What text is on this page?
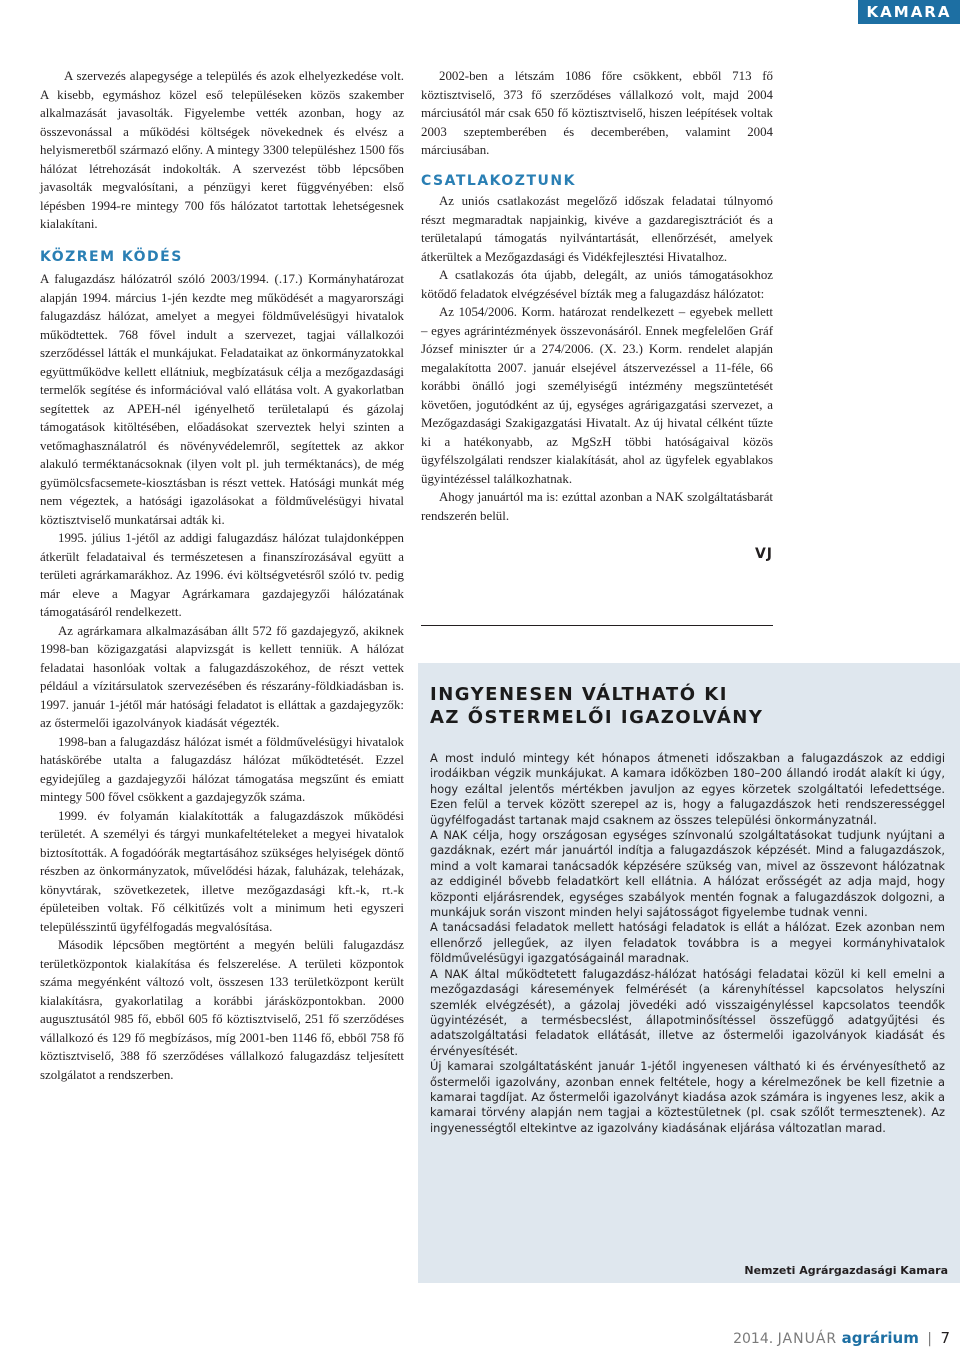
KAMARA

A szervezés alapegysége a település és azok elhelyezkedése volt. A kisebb, egymáshoz közel eső településeken közös szakember alkalmazását javasolták. Figyelembe vették azonban, hogy az összevonással a működési költségek növekednek és elvész a helyismeretből származó előny. A mintegy 3300 településhez 1500 fős hálózat létrehozását indokolták. A szervezést több lépcsőben javasolták megvalósítani, a pénzügyi keret függvényében: első lépésben 1994-re mintegy 700 fős hálózatot tartottak lehetségesnek kialakítani.

KÖZREM KÖDÉS

A falugazdász hálózatról szóló 2003/1994. (.17.) Kormányhatározat alapján 1994. március 1-jén kezdte meg működését a magyarországi falugazdász hálózat, amelyet a megyei földművelésügyi hivatalok működtettek. 768 fővel indult a szervezet, tagjai vállalkozói szerződéssel látták el munkájukat. Feladataikat az önkormányzatokkal együttműködve kellett ellátniuk, megbízatásuk célja a mezőgazdasági termelők segítése és információval való ellátása volt. A gyakorlatban segítettek az APEH-nél igényelhető területalapú és gázolaj támogatások kitöltésében, előadásokat szerveztek helyi szinten a vetőmaghasználatról és növényvédelemről, segítettek az akkor alakuló terméktanácsoknak (ilyen volt pl. juh terméktanács), de még gyümölcsfacsemete-kiosztásban is részt vettek. Hatósági munkát még nem végeztek, a hatósági igazolásokat a földművelésügyi hivatal köztisztviselő munkatársai adták ki.

1995. július 1-jétől az addigi falugazdász hálózat tulajdonképpen átkerült feladataival és természetesen a finanszírozásával együtt a területi agrárkamarákhoz. Az 1996. évi költségvetésről szóló tv. pedig már eleve a Magyar Agrárkamara gazdajegyzői hálózatának támogatásáról rendelkezett.

Az agrárkamara alkalmazásában állt 572 fő gazdajegyző, akiknek 1998-ban közigazgatási alapvizsgát is kellett tenniük. A hálózat feladatai hasonlóak voltak a falugazdászokéhoz, de részt vettek például a vízitársulatok szervezésében és részarány-földkiadásban is. 1997. január 1-jétől már hatósági feladatot is elláttak a gazdajegyzők: az őstermelői igazolványok kiadását végezték.

1998-ban a falugazdász hálózat ismét a földművelésügyi hivatalok hatáskörébe utalta a falugazdász hálózat működtetését. Ezzel egyidejűleg a gazdajegyzői hálózat támogatása megszűnt és emiatt mintegy 500 fővel csökkent a gazdajegyzők száma.

1999. év folyamán kialakították a falugazdászok működési területét. A személyi és tárgyi munkafeltételeket a megyei hivatalok biztosították. A fogadóórák megtartásához szükséges helyiségek döntő részben az önkormányzatok, művelődési házak, faluházak, teleházak, könyvtárak, szövetkezetek, illetve mezőgazdasági kft.-k, rt.-k épületeiben voltak. Fő célkitűzés volt a minimum heti egyszeri településszintű ügyfélfogadás megvalósítása.

Második lépcsőben megtörtént a megyén belüli falugazdász területközpontok kialakítása és felszerelése. A területi központok száma megyénként változó volt, összesen 133 területközpont került kialakításra, gyakorlatilag a korábbi járásközpontokban. 2000 augusztusától 985 fő, ebből 605 fő köztisztviselő, 251 fő szerződéses vállalkozó és 129 fő megbízásos, míg 2001-ben 1146 fő, ebből 758 fő köztisztviselő, 388 fő szerződéses vállalkozó falugazdász teljesített szolgálatot a rendszerben.

2002-ben a létszám 1086 főre csökkent, ebből 713 fő köztisztviselő, 373 fő szerződéses vállalkozó volt, majd 2004 márciusától már csak 650 fő köztisztviselő, hiszen leépítések voltak 2003 szeptemberében és decemberében, valamint 2004 márciusában.

CSATLAKOZTUNK

Az uniós csatlakozást megelőző időszak feladatai túlnyomó részt megmaradtak napjainkig, kivéve a gazdaregisztrációt és a területalapú támogatás nyilvántartását, ellenőrzését, amelyek átkerültek a Mezőgazdasági és Vidékfejlesztési Hivatalhoz.

A csatlakozás óta újabb, delegált, az uniós támogatásokhoz kötődő feladatok elvégzésével bízták meg a falugazdász hálózatot:

Az 1054/2006. Korm. határozat rendelkezett – egyebek mellett – egyes agrárintézmények összevonásáról. Ennek megfelelően Gráf József miniszter úr a 274/2006. (X. 23.) Korm. rendelet alapján megalakította 2007. január elsejével átszervezéssel a 11-féle, 66 korábbi önálló jogi személyiségű intézmény megszüntetését követően, jogutódként az új, egységes agrárigazgatási szervezet, a Mezőgazdasági Szakigazgatási Hivatalt. Az új hivatal célként tűzte ki a hatékonyabb, az MgSzH többi hatóságaival közös ügyfélszolgálati rendszer kialakítását, ahol az ügyfelek egyablakos ügyintézéssel találkozhatnak.

Ahogy januártól ma is: ezúttal azonban a NAK szolgáltatásbarát rendszerén belül.

VJ
INGYENESEN VÁLTHATÓ KI
AZ ŐSTERMELŐI IGAZOLVÁNY

A most induló mintegy két hónapos átmeneti időszakban a falugazdászok az eddigi irodáikban végzik munkájukat. A kamara időközben 180–200 állandó irodát alakít ki úgy, hogy ezáltal jelentős mértékben javuljon az egyes körzetek szolgáltatói lefedettsége. Ezen felül a tervek között szerepel az is, hogy a falugazdászok heti rendszerességgel ügyfélfogadást tartanak majd csaknem az összes települési önkormányzatnál.

A NAK célja, hogy országosan egységes színvonalú szolgáltatásokat tudjunk nyújtani a gazdáknak, ezért már januártól indítja a falugazdászok képzését. Mind a falugazdászok, mind a volt kamarai tanácsadók képzésére szükség van, mivel az összevont hálózatnak az eddiginél bővebb feladatkört kell ellátnia. A hálózat erősségét az adja majd, hogy központi eljárásrendek, egységes szabályok mentén fognak a falugazdászok dolgozni, a munkájuk során viszont minden helyi sajátosságot figyelembe tudnak venni.

A tanácsadási feladatok mellett hatósági feladatok is ellát a hálózat. Ezek azonban nem ellenőrző jellegűek, az ilyen feladatok továbbra is a megyei kormányhivatalok földművelésügyi igazgatóságainál maradnak.

A NAK által működtetett falugazdász-hálózat hatósági feladatai közül ki kell emelni a mezőgazdasági káresemények felmérését (a kárenyhítéssel kapcsolatos helyszíni szemlék elvégzését), a gázolaj jövedéki adó visszaigényléssel kapcsolatos teendők ügyintézését, a termésbecslést, állapotminősítéssel összefüggő adatgyűjtési és adatszolgáltatási feladatok ellátását, illetve az őstermelői igazolványok kiadását és érvényesítését.

Új kamarai szolgáltatásként január 1-jétől ingyenesen váltható ki és érvényesíthető az őstermelői igazolvány, azonban ennek feltétele, hogy a kérelmezőnek be kell fizetnie a kamarai tagdíjat. Az őstermelői igazolványt kiadása azok számára is ingyenes lesz, akik a kamarai törvény alapján nem tagjai a köztestületnek (pl. csak szőlőt termesztenek). Az ingyenességtől eltekintve az igazolvány kiadásának eljárása változatlan marad.

Nemzeti Agrárgazdasági Kamara
2014. JANUÁR agrárium | 7
